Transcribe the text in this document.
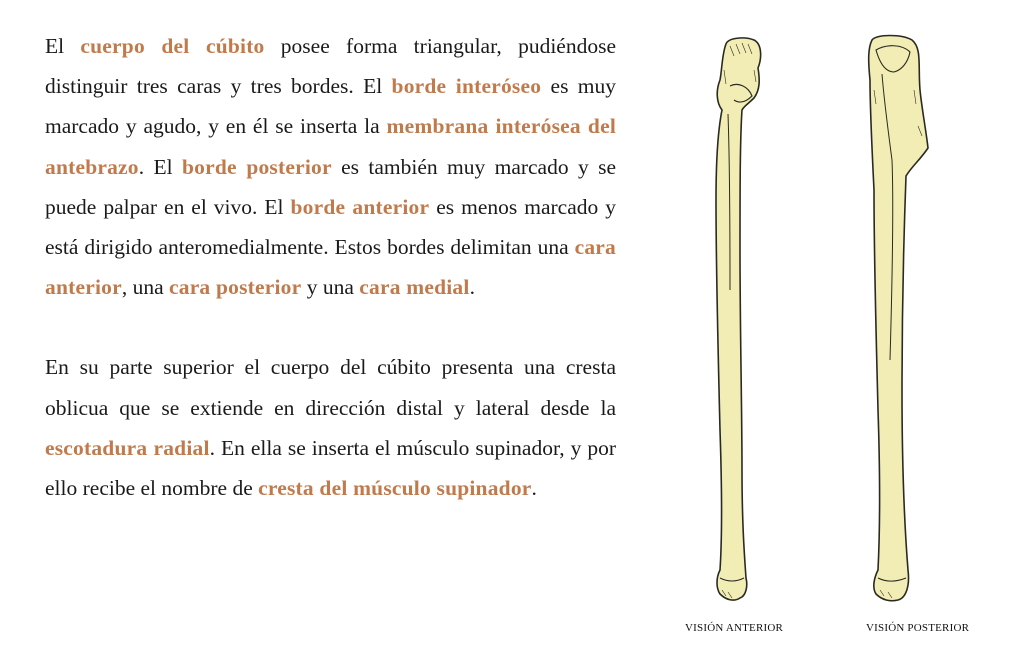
El cuerpo del cúbito posee forma triangular, pudiéndose distinguir tres caras y tres bordes. El borde interóseo es muy marcado y agudo, y en él se inserta la membrana interósea del antebrazo. El borde posterior es también muy marcado y se puede palpar en el vivo. El borde anterior es menos marcado y está dirigido anteromedialmente. Estos bordes delimitan una cara anterior, una cara posterior y una cara medial.

En su parte superior el cuerpo del cúbito presenta una cresta oblicua que se extiende en dirección distal y lateral desde la escotadura radial. En ella se inserta el músculo supinador, y por ello recibe el nombre de cresta del músculo supinador.

VISIÓN ANTERIOR	VISIÓN POSTERIOR
